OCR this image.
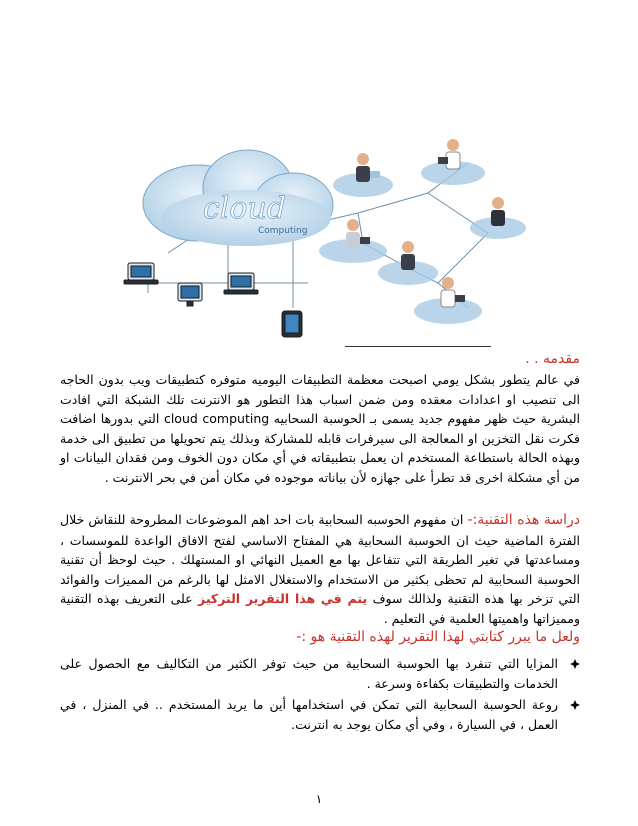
cloud
Computing
مقدمه . .
في عالم يتطور بشكل يومي اصبحت معظمة التطبيقات اليوميه متوفره كتطبيقات ويب بدون الحاجه الى تنصيب او اعدادات معقده ومن ضمن اسباب هذا التطور هو الانترنت تلك الشبكة التي افادت البشرية حيث ظهر مفهوم جديد يسمى بـ الحوسبة السحابيه cloud computing التي بدورها اضافت فكرت نقل التخزين او المعالجة الى سيرفرات قابله للمشاركة وبذلك يتم تحويلها من تطبيق الى خدمة وبهذه الحالة باستطاعة المستخدم ان يعمل بتطبيقاته في أي مكان دون الخوف ومن فقدان البيانات او من أي مشكلة اخرى قد تطرأ على جهازه لأن بياناته موجوده في مكان أمن في بحر الانترنت .
دراسة هذه التقنية:- ان مفهوم الحوسبه السحابية بات احد اهم الموضوعات المطروحة للنقاش خلال الفترة الماضية حيث ان الحوسبة السحابية هي المفتاح الاساسي لفتح الافاق الواعدة للموسسات ، ومساعدتها في تغير الطريقة التي تتفاعل بها مع العميل النهائي او المستهلك . حيث لوحظ أن تقنية الحوسبة السحابية لم تحظى بكثير من الاستخدام والاستغلال الامثل لها بالرغم من المميزات والفوائد التي تزخر بها هذه التقنية ولذالك سوف يتم في هذا التقرير التركيز على التعريف بهذه التقنية ومميزاتها واهميتها العلمية في التعليم .
ولعل ما يبرر كتابتي لهذا التقرير لهذه التقنية هو :-
المزايا التي تنفرد بها الحوسبة السحابية من حيث توفر الكثير من التكاليف مع الحصول على الخدمات والتطبيقات بكفاءة وسرعة .
روعة الحوسبة السحابية التي تمكن في استخدامها أين ما يريد المستخدم .. في المنزل ، في العمل ، في السيارة ، وفي أي مكان يوجد به انترنت.
١
